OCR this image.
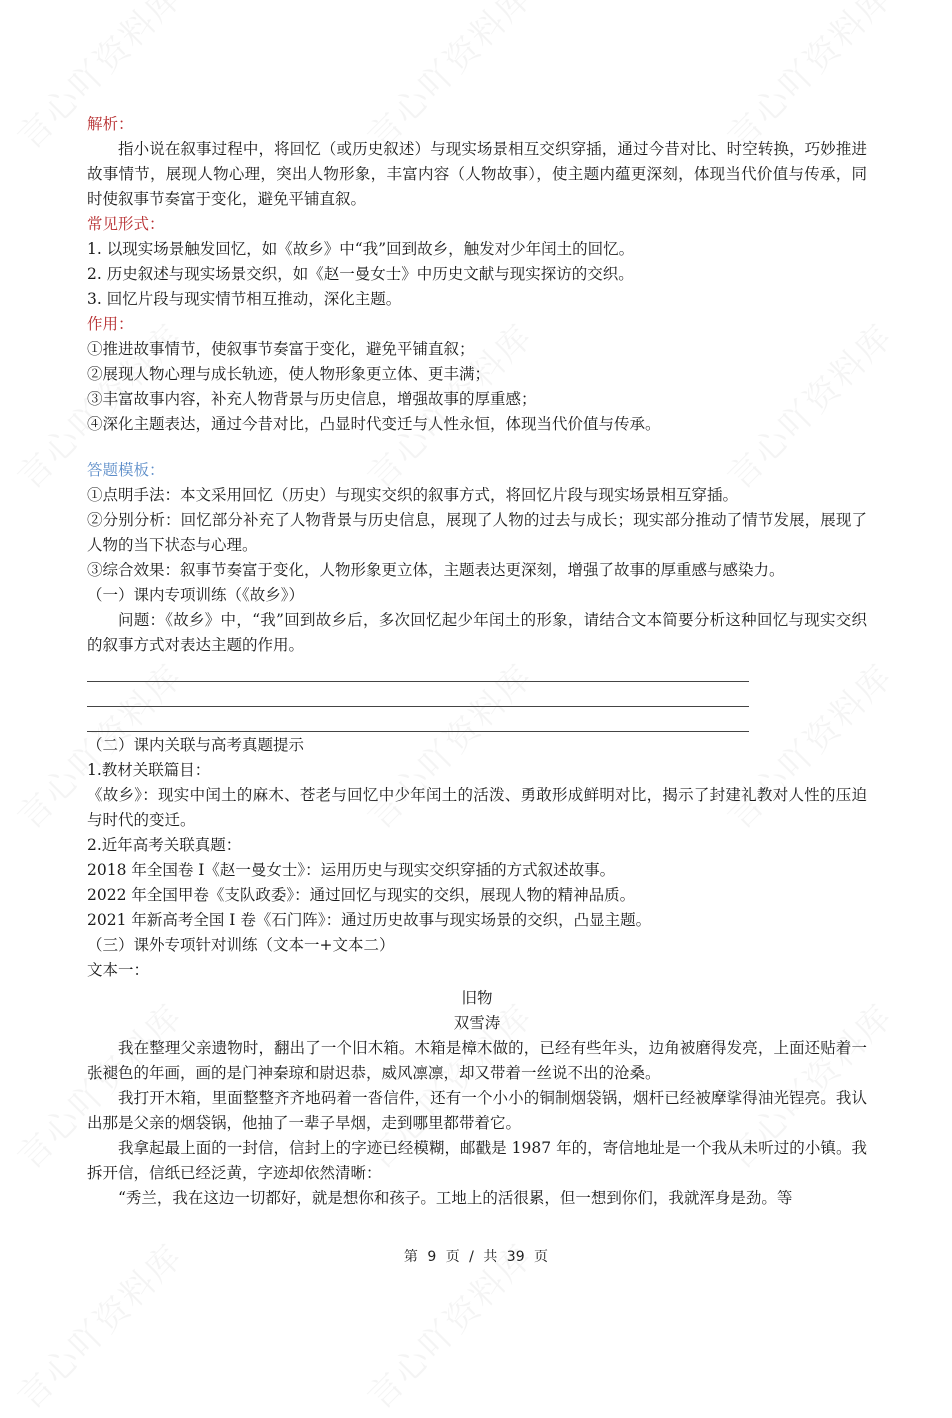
解析：
指小说在叙事过程中，将回忆（或历史叙述）与现实场景相互交织穿插，通过今昔对比、时空转换，巧妙推进故事情节，展现人物心理，突出人物形象，丰富内容（人物故事），使主题内蕴更深刻，体现当代价值与传承，同时使叙事节奏富于变化，避免平铺直叙。
常见形式：
1. 以现实场景触发回忆，如《故乡》中“我”回到故乡，触发对少年闰土的回忆。
2. 历史叙述与现实场景交织，如《赵一曼女士》中历史文献与现实探访的交织。
3. 回忆片段与现实情节相互推动，深化主题。
作用：
①推进故事情节，使叙事节奏富于变化，避免平铺直叙；
②展现人物心理与成长轨迹，使人物形象更立体、更丰满；
③丰富故事内容，补充人物背景与历史信息，增强故事的厚重感；
④深化主题表达，通过今昔对比，凸显时代变迁与人性永恒，体现当代价值与传承。
答题模板：
①点明手法：本文采用回忆（历史）与现实交织的叙事方式，将回忆片段与现实场景相互穿插。
②分别分析：回忆部分补充了人物背景与历史信息，展现了人物的过去与成长；现实部分推动了情节发展，展现了人物的当下状态与心理。
③综合效果：叙事节奏富于变化，人物形象更立体，主题表达更深刻，增强了故事的厚重感与感染力。
（一）课内专项训练（《故乡》）
问题：《故乡》中，“我”回到故乡后，多次回忆起少年闰土的形象，请结合文本简要分析这种回忆与现实交织的叙事方式对表达主题的作用。
（二）课内关联与高考真题提示
1.教材关联篇目：
《故乡》：现实中闰土的麻木、苍老与回忆中少年闰土的活泼、勇敢形成鲜明对比，揭示了封建礼教对人性的压迫与时代的变迁。
2.近年高考关联真题：
2018 年全国卷 I《赵一曼女士》：运用历史与现实交织穿插的方式叙述故事。
2022 年全国甲卷《支队政委》：通过回忆与现实的交织，展现人物的精神品质。
2021 年新高考全国 I 卷《石门阵》：通过历史故事与现实场景的交织，凸显主题。
（三）课外专项针对训练（文本一+文本二）
文本一：
旧物
双雪涛
我在整理父亲遗物时，翻出了一个旧木箱。木箱是樟木做的，已经有些年头，边角被磨得发亮，上面还贴着一张褪色的年画，画的是门神秦琼和尉迟恭，威风凛凛，却又带着一丝说不出的沧桑。
我打开木箱，里面整整齐齐地码着一沓信件，还有一个小小的铜制烟袋锅，烟杆已经被摩挲得油光锃亮。我认出那是父亲的烟袋锅，他抽了一辈子旱烟，走到哪里都带着它。
我拿起最上面的一封信，信封上的字迹已经模糊，邮戳是 1987 年的，寄信地址是一个我从未听过的小镇。我拆开信，信纸已经泛黄，字迹却依然清晰：
“秀兰，我在这边一切都好，就是想你和孩子。工地上的活很累，但一想到你们，我就浑身是劲。等
第 9 页 / 共 39 页
